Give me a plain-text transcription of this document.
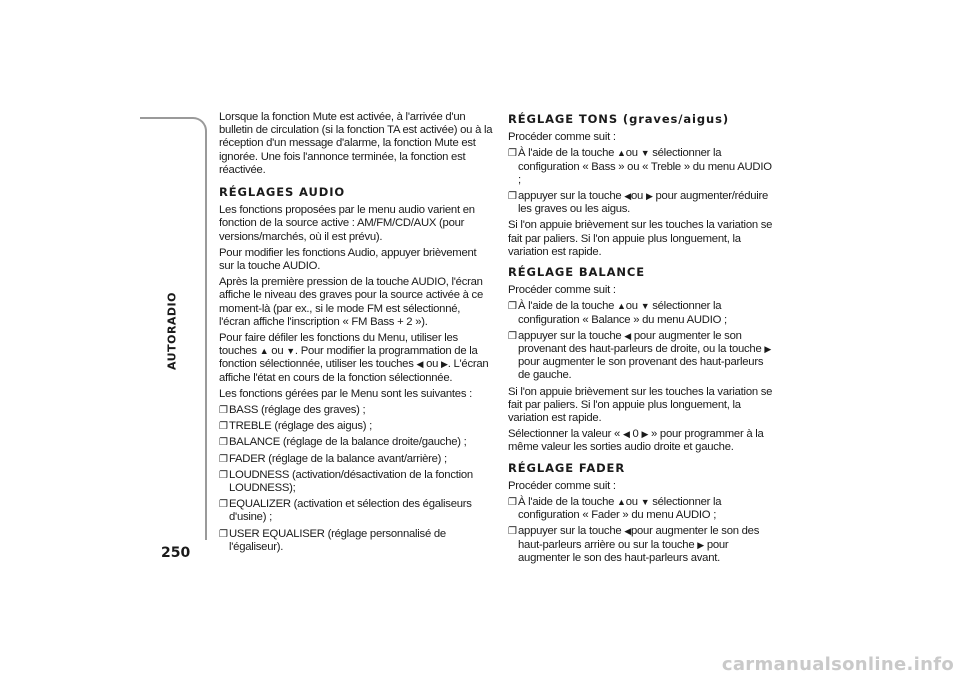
AUTORADIO
250

Lorsque la fonction Mute est activée, à l'arrivée d'un bulletin de circulation (si la fonction TA est activée) ou à la réception d'un message d'alarme, la fonction Mute est ignorée. Une fois l'annonce terminée, la fonction est réactivée.

RÉGLAGES AUDIO

Les fonctions proposées par le menu audio varient en fonction de la source active : AM/FM/CD/AUX (pour versions/marchés, où il est prévu).

Pour modifier les fonctions Audio, appuyer brièvement sur la touche AUDIO.

Après la première pression de la touche AUDIO, l'écran affiche le niveau des graves pour la source activée à ce moment-là (par ex., si le mode FM est sélectionné, l'écran affiche l'inscription « FM Bass + 2 »).

Pour faire défiler les fonctions du Menu, utiliser les touches ▲ ou ▼. Pour modifier la programmation de la fonction sélectionnée, utiliser les touches ◀ ou ▶. L'écran affiche l'état en cours de la fonction sélectionnée.

Les fonctions gérées par le Menu sont les suivantes :

❐BASS (réglage des graves) ;

❐TREBLE (réglage des aigus) ;

❐BALANCE (réglage de la balance droite/gauche) ;

❐FADER (réglage de la balance avant/arrière) ;

❐LOUDNESS (activation/désactivation de la fonction LOUDNESS);

❐EQUALIZER (activation et sélection des égaliseurs d'usine) ;

❐USER EQUALISER (réglage personnalisé de l'égaliseur).

RÉGLAGE TONS (graves/aigus)

Procéder comme suit :

❐À l'aide de la touche ▲ou ▼ sélectionner la configuration « Bass » ou « Treble » du menu AUDIO ;

❐appuyer sur la touche ◀ou ▶ pour augmenter/réduire les graves ou les aigus.

Si l'on appuie brièvement sur les touches la variation se fait par paliers. Si l'on appuie plus longuement, la variation est rapide.

RÉGLAGE BALANCE

Procéder comme suit :

❐À l'aide de la touche ▲ou ▼ sélectionner la configuration « Balance » du menu AUDIO ;

❐appuyer sur la touche ◀ pour augmenter le son provenant des haut-parleurs de droite, ou la touche ▶ pour augmenter le son provenant des haut-parleurs de gauche.

Si l'on appuie brièvement sur les touches la variation se fait par paliers. Si l'on appuie plus longuement, la variation est rapide.

Sélectionner la valeur « ◀ 0 ▶ » pour programmer à la même valeur les sorties audio droite et gauche.

RÉGLAGE FADER

Procéder comme suit :

❐À l'aide de la touche ▲ou ▼ sélectionner la configuration « Fader » du menu AUDIO ;

❐appuyer sur la touche ◀pour augmenter le son des haut-parleurs arrière ou sur la touche ▶ pour augmenter le son des haut-parleurs avant.

carmanualsonline.info
